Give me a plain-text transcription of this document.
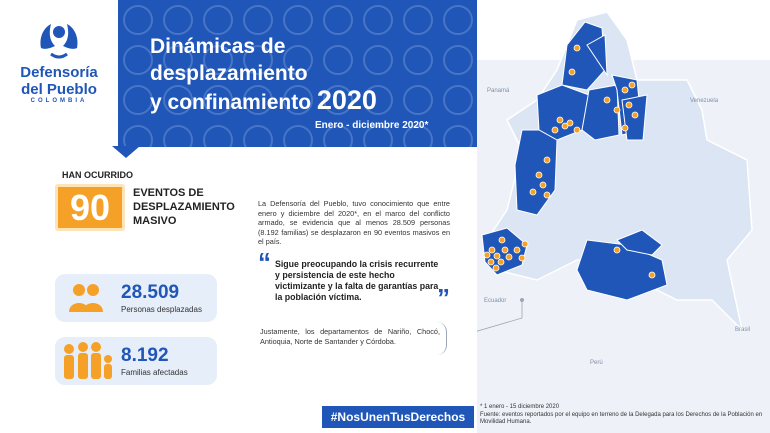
Defensoría
del Pueblo
COLOMBIA
Dinámicas de
desplazamiento
y confinamiento 2020
Enero - diciembre 2020*
Panamá
Venezuela
Ecuador
Brasil
Perú
HAN OCURRIDO
90	EVENTOS DE DESPLAZAMIENTO MASIVO
28.509
Personas desplazadas
8.192
Familias afectadas
La Defensoría del Pueblo, tuvo conocimiento que entre enero y diciembre del 2020*, en el marco del conflicto armado, se evidencia que al menos 28.509 personas (8.192 familias) se desplazaron en 90 eventos masivos en el país.
“ Sigue preocupando la crisis recurrente y persistencia de este hecho victimizante y la falta de garantías para la población víctima.	”
Justamente, los departamentos de Nariño, Chocó, Antioquia, Norte de Santander y Córdoba.
#NosUnenTusDerechos
* 1 enero - 15 diciembre 2020
Fuente: eventos reportados por el equipo en terreno de la Delegada para los Derechos de la Población en Movilidad Humana.
